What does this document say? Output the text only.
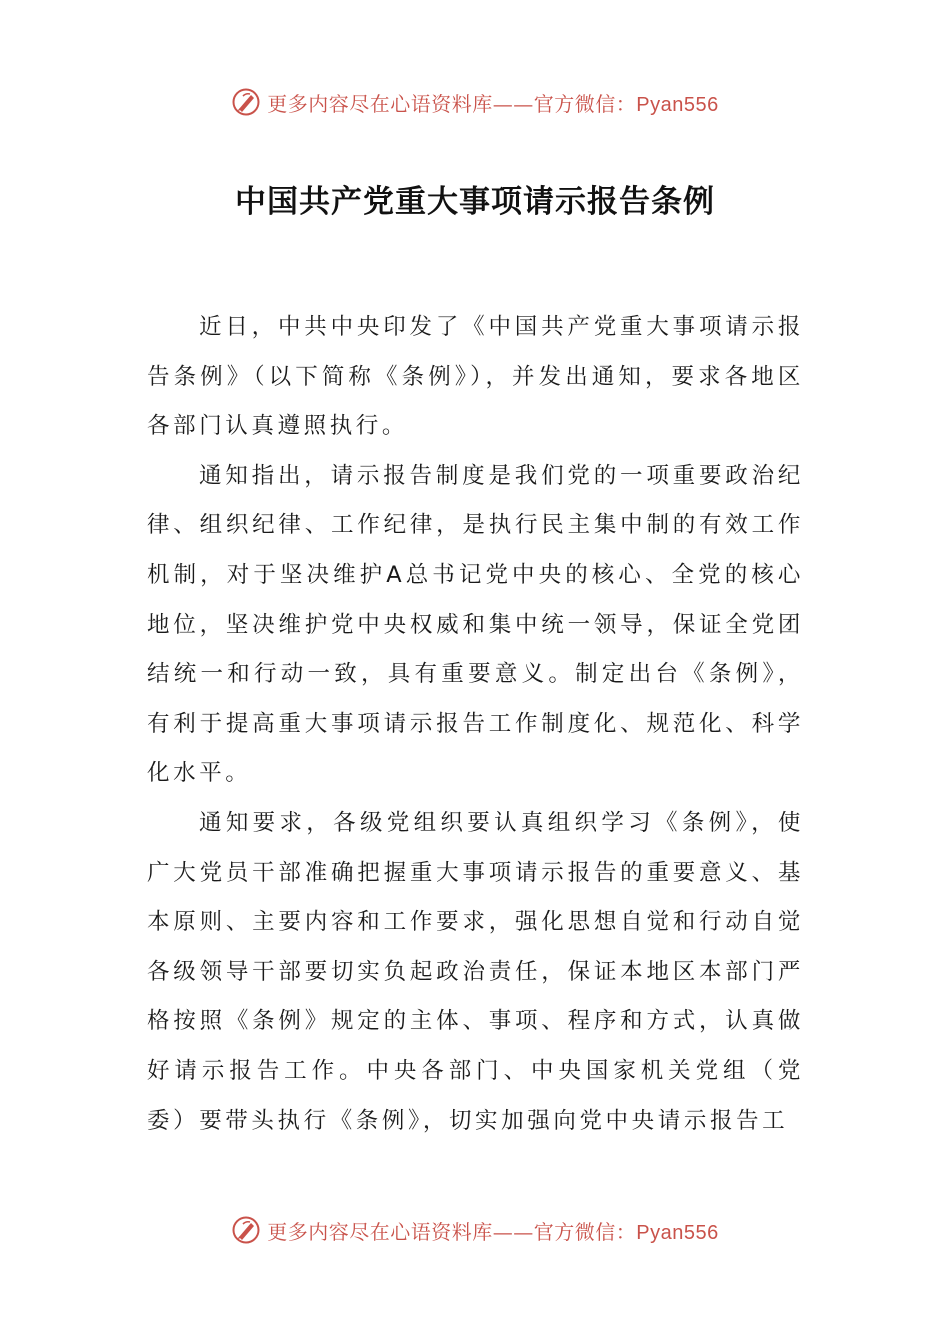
更多内容尽在心语资料库——官方微信：Pyan556
中国共产党重大事项请示报告条例

近日，中共中央印发了《中国共产党重大事项请示报告条例》（以下简称《条例》），并发出通知，要求各地区各部门认真遵照执行。

通知指出，请示报告制度是我们党的一项重要政治纪律、组织纪律、工作纪律，是执行民主集中制的有效工作机制，对于坚决维护A总书记党中央的核心、全党的核心地位，坚决维护党中央权威和集中统一领导，保证全党团结统一和行动一致，具有重要意义。制定出台《条例》，有利于提高重大事项请示报告工作制度化、规范化、科学化水平。

通知要求，各级党组织要认真组织学习《条例》，使广大党员干部准确把握重大事项请示报告的重要意义、基本原则、主要内容和工作要求，强化思想自觉和行动自觉各级领导干部要切实负起政治责任，保证本地区本部门严格按照《条例》规定的主体、事项、程序和方式，认真做好请示报告工作。中央各部门、中央国家机关党组（党委）要带头执行《条例》，切实加强向党中央请示报告工

更多内容尽在心语资料库——官方微信：Pyan556
